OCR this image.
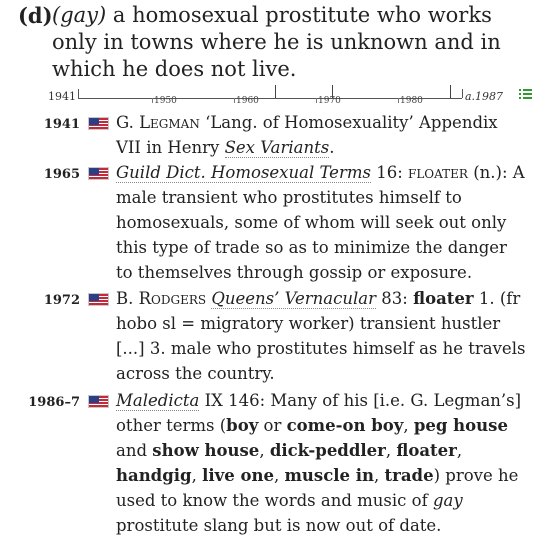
(d) (gay) a homosexual prostitute who works only in towns where he is unknown and in which he does not live.
1941	1950	1960	1970	1980	a.1987
1941 G. Legman ‘Lang. of Homosexuality’ Appendix VII in Henry Sex Variants.
1965 Guild Dict. Homosexual Terms 16: floater (n.): A male transient who prostitutes himself to homosexuals, some of whom will seek out only this type of trade so as to minimize the danger to themselves through gossip or exposure.
1972 B. Rodgers Queens’ Vernacular 83: floater 1. (fr hobo sl = migratory worker) transient hustler [...] 3. male who prostitutes himself as he travels across the country.
1986–7 Maledicta IX 146: Many of his [i.e. G. Legman’s] other terms (boy or come-on boy, peg house and show house, dick-peddler, floater, handgig, live one, muscle in, trade) prove he used to know the words and music of gay prostitute slang but is now out of date.
